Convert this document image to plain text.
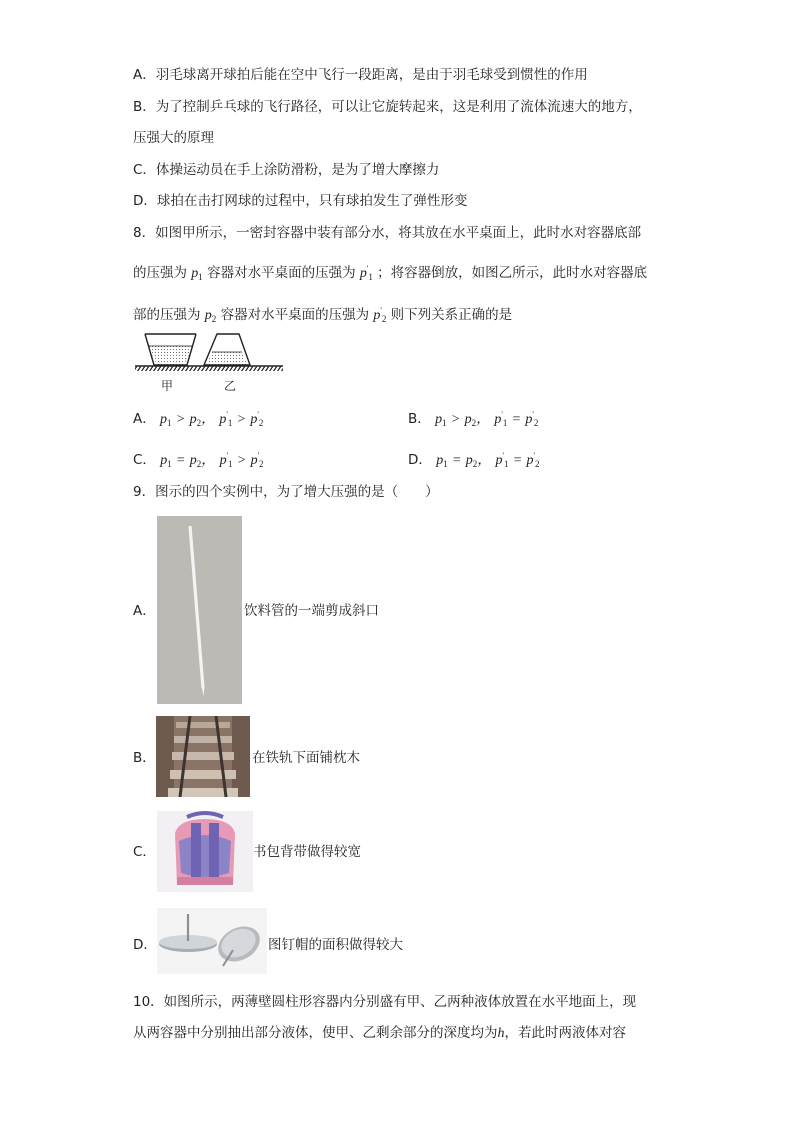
A．羽毛球离开球拍后能在空中飞行一段距离，是由于羽毛球受到惯性的作用
B．为了控制乒乓球的飞行路径，可以让它旋转起来，这是利用了流体流速大的地方，
压强大的原理
C．体操运动员在手上涂防滑粉，是为了增大摩擦力
D．球拍在击打网球的过程中，只有球拍发生了弹性形变
8．如图甲所示，一密封容器中装有部分水，将其放在水平桌面上，此时水对容器底部
的压强为 $p_1$ 容器对水平桌面的压强为 $p'_1$ ；将容器倒放，如图乙所示，此时水对容器底
部的压强为 $p_2$ 容器对水平桌面的压强为 $p'_2$ 则下列关系正确的是
甲	乙
A． $p_1 > p_2$， $p'_1 > p'_2$	B． $p_1 > p_2$， $p'_1 = p'_2$
C． $p_1 = p_2$， $p'_1 > p'_2$	D． $p_1 = p_2$， $p'_1 = p'_2$
9．图示的四个实例中，为了增大压强的是（　　）
A．	饮料管的一端剪成斜口
B．	在铁轨下面铺枕木
C．	书包背带做得较宽
D．	图钉帽的面积做得较大
10．如图所示，两薄壁圆柱形容器内分别盛有甲、乙两种液体放置在水平地面上，现
从两容器中分别抽出部分液体，使甲、乙剩余部分的深度均为h，若此时两液体对容
